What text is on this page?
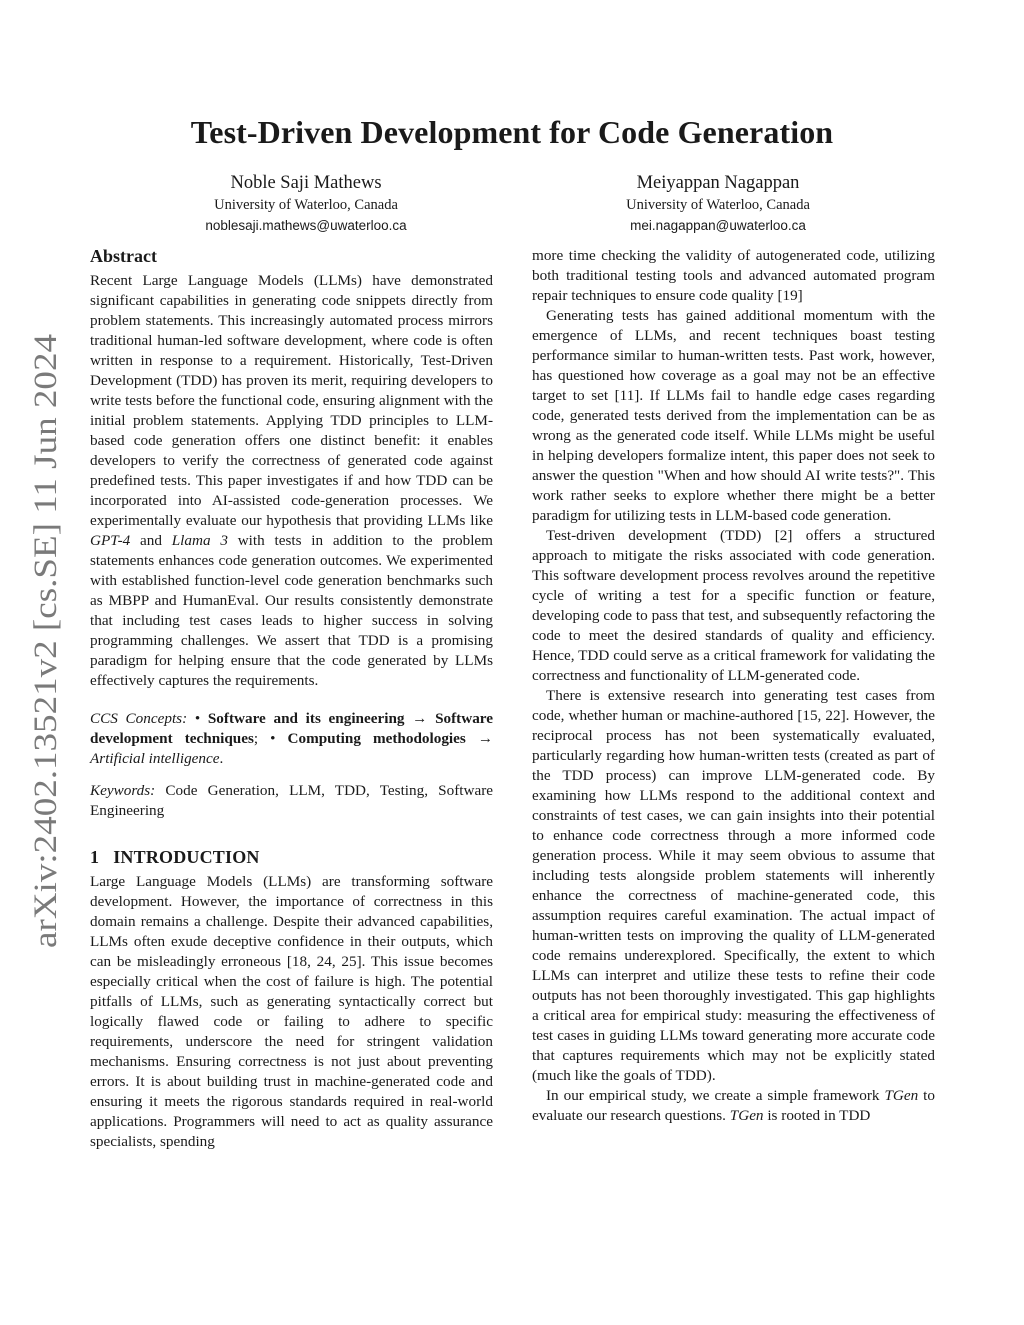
arXiv:2402.13521v2 [cs.SE] 11 Jun 2024
Test-Driven Development for Code Generation
Noble Saji Mathews
University of Waterloo, Canada
noblesaji.mathews@uwaterloo.ca
Meiyappan Nagappan
University of Waterloo, Canada
mei.nagappan@uwaterloo.ca
Abstract

Recent Large Language Models (LLMs) have demonstrated significant capabilities in generating code snippets directly from problem statements. This increasingly automated process mirrors traditional human-led software development, where code is often written in response to a requirement. Historically, Test-Driven Development (TDD) has proven its merit, requiring developers to write tests before the functional code, ensuring alignment with the initial problem statements. Applying TDD principles to LLM-based code generation offers one distinct benefit: it enables developers to verify the correctness of generated code against predefined tests. This paper investigates if and how TDD can be incorporated into AI-assisted code-generation processes. We experimentally evaluate our hypothesis that providing LLMs like GPT-4 and Llama 3 with tests in addition to the problem statements enhances code generation outcomes. We experimented with established function-level code generation benchmarks such as MBPP and HumanEval. Our results consistently demonstrate that including test cases leads to higher success in solving programming challenges. We assert that TDD is a promising paradigm for helping ensure that the code generated by LLMs effectively captures the requirements.

CCS Concepts: • Software and its engineering → Software development techniques; • Computing methodologies → Artificial intelligence.

Keywords: Code Generation, LLM, TDD, Testing, Software Engineering

1 INTRODUCTION

Large Language Models (LLMs) are transforming software development. However, the importance of correctness in this domain remains a challenge. Despite their advanced capabilities, LLMs often exude deceptive confidence in their outputs, which can be misleadingly erroneous [18, 24, 25]. This issue becomes especially critical when the cost of failure is high. The potential pitfalls of LLMs, such as generating syntactically correct but logically flawed code or failing to adhere to specific requirements, underscore the need for stringent validation mechanisms. Ensuring correctness is not just about preventing errors. It is about building trust in machine-generated code and ensuring it meets the rigorous standards required in real-world applications. Programmers will need to act as quality assurance specialists, spending

more time checking the validity of autogenerated code, utilizing both traditional testing tools and advanced automated program repair techniques to ensure code quality [19]

Generating tests has gained additional momentum with the emergence of LLMs, and recent techniques boast testing performance similar to human-written tests. Past work, however, has questioned how coverage as a goal may not be an effective target to set [11]. If LLMs fail to handle edge cases regarding code, generated tests derived from the implementation can be as wrong as the generated code itself. While LLMs might be useful in helping developers formalize intent, this paper does not seek to answer the question "When and how should AI write tests?". This work rather seeks to explore whether there might be a better paradigm for utilizing tests in LLM-based code generation.

Test-driven development (TDD) [2] offers a structured approach to mitigate the risks associated with code generation. This software development process revolves around the repetitive cycle of writing a test for a specific function or feature, developing code to pass that test, and subsequently refactoring the code to meet the desired standards of quality and efficiency. Hence, TDD could serve as a critical framework for validating the correctness and functionality of LLM-generated code.

There is extensive research into generating test cases from code, whether human or machine-authored [15, 22]. However, the reciprocal process has not been systematically evaluated, particularly regarding how human-written tests (created as part of the TDD process) can improve LLM-generated code. By examining how LLMs respond to the additional context and constraints of test cases, we can gain insights into their potential to enhance code correctness through a more informed code generation process. While it may seem obvious to assume that including tests alongside problem statements will inherently enhance the correctness of machine-generated code, this assumption requires careful examination. The actual impact of human-written tests on improving the quality of LLM-generated code remains underexplored. Specifically, the extent to which LLMs can interpret and utilize these tests to refine their code outputs has not been thoroughly investigated. This gap highlights a critical area for empirical study: measuring the effectiveness of test cases in guiding LLMs toward generating more accurate code that captures requirements which may not be explicitly stated (much like the goals of TDD).

In our empirical study, we create a simple framework TGen to evaluate our research questions. TGen is rooted in TDD
